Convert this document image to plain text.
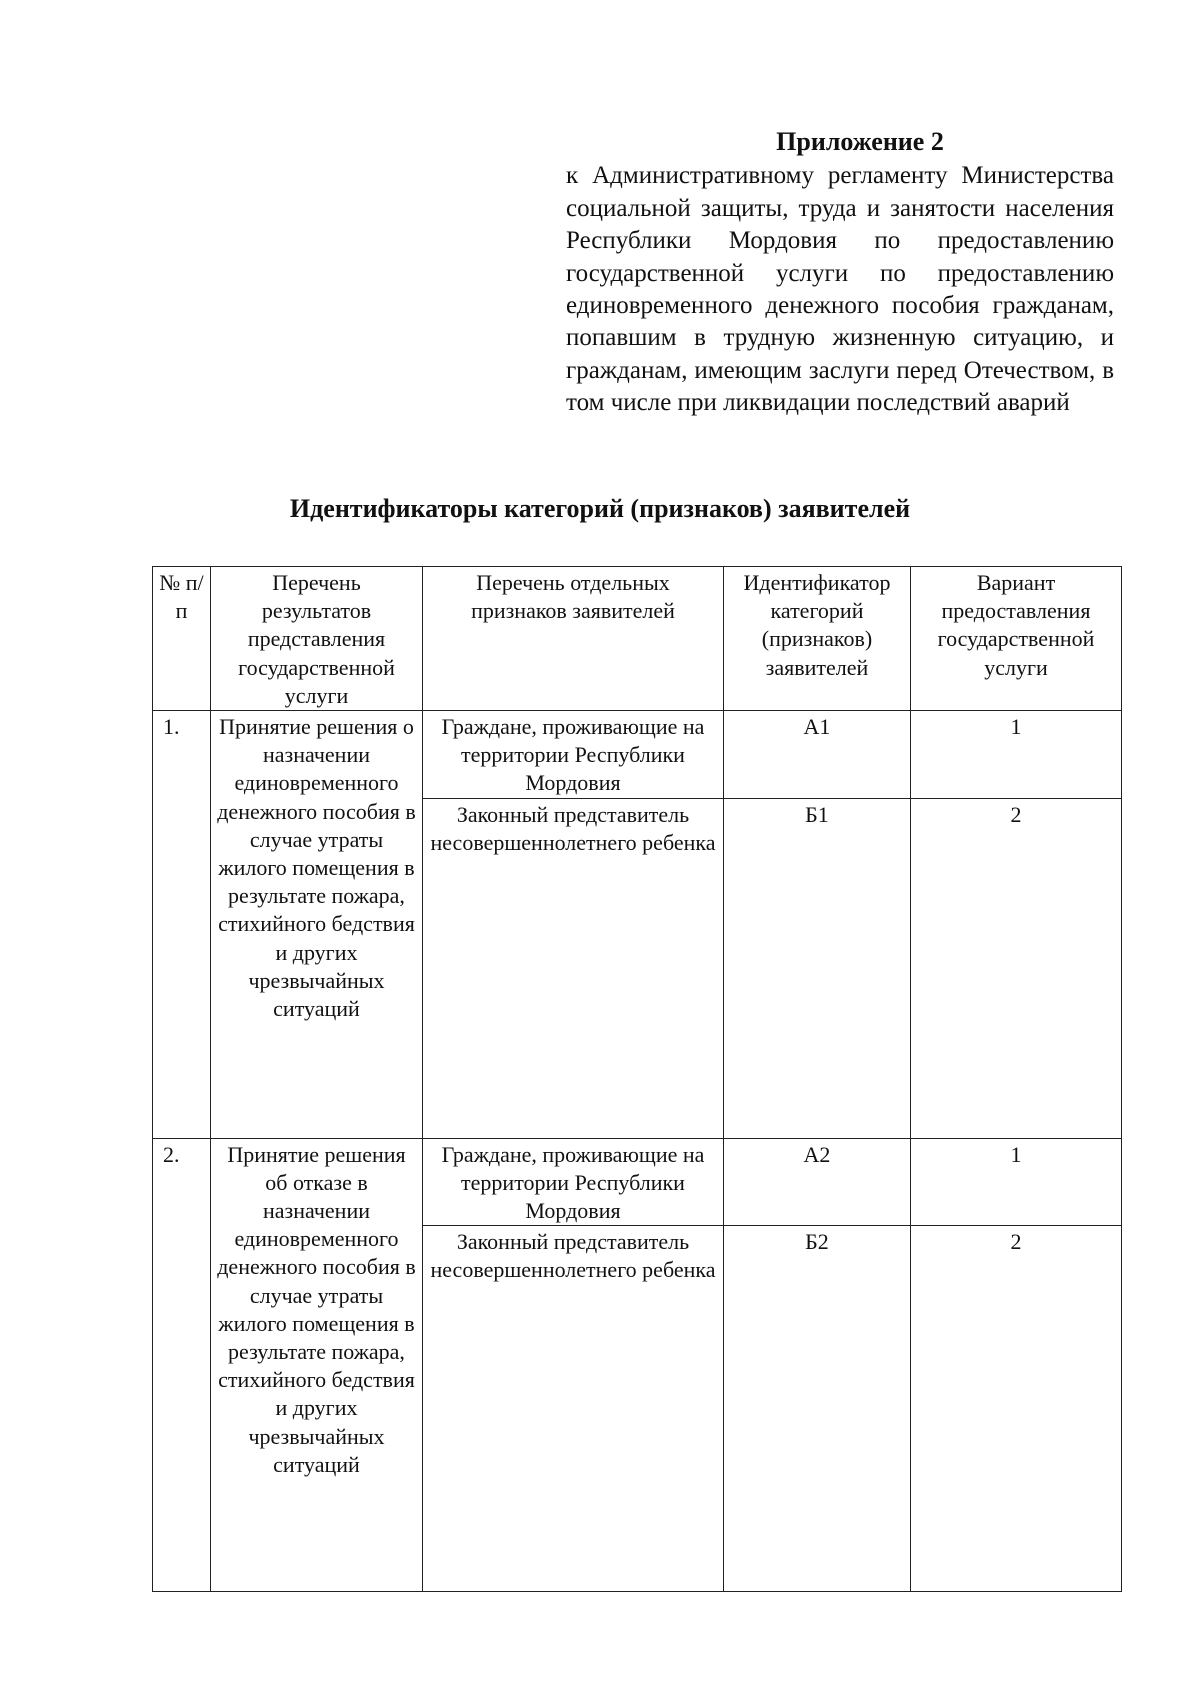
Приложение 2
к Административному регламенту Министерства социальной защиты, труда и занятости населения Республики Мордовия по предоставлению государственной услуги по предоставлению единовременного денежного пособия гражданам, попавшим в трудную жизненную ситуацию, и гражданам, имеющим заслуги перед Отечеством, в том числе при ликвидации последствий аварий
Идентификаторы категорий (признаков) заявителей
№ п/п	Перечень результатов представления государственной услуги	Перечень отдельных признаков заявителей	Идентификатор категорий (признаков) заявителей	Вариант предоставления государственной услуги
1.	Принятие решения о назначении единовременного денежного пособия в случае утраты жилого помещения в результате пожара, стихийного бедствия и других чрезвычайных ситуаций	Граждане, проживающие на территории Республики Мордовия	А1	1
		Законный представитель несовершеннолетнего ребенка	Б1	2
2.	Принятие решения об отказе в назначении единовременного денежного пособия в случае утраты жилого помещения в результате пожара, стихийного бедствия и других чрезвычайных ситуаций	Граждане, проживающие на территории Республики Мордовия	А2	1
		Законный представитель несовершеннолетнего ребенка	Б2	2
